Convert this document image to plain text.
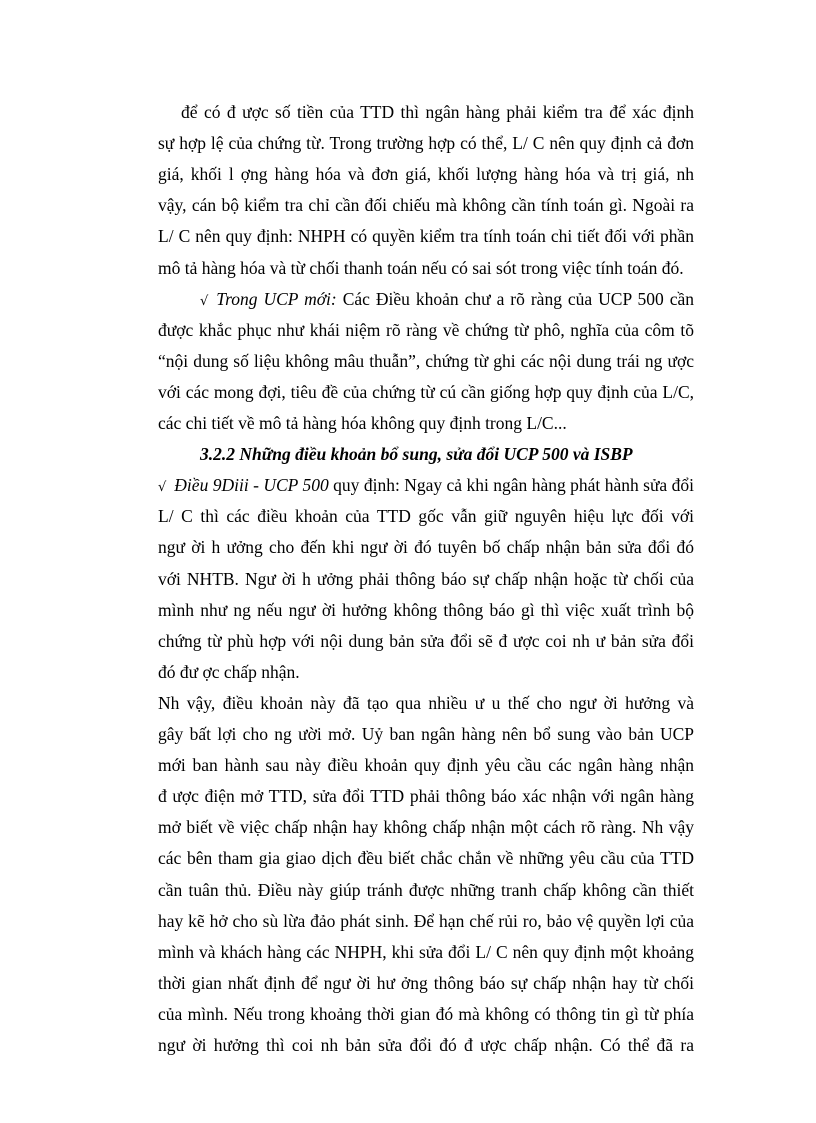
để có đ ược số tiền của TTD thì ngân hàng phải kiểm tra để xác định
sự hợp lệ của chứng từ. Trong trường hợp có thể, L/ C nên quy định cả đơn
giá, khối l ợng hàng hóa và đơn giá, khối lượng hàng hóa và trị giá, nh
vậy, cán bộ kiểm tra chỉ cần đối chiếu mà không cần tính toán gì. Ngoài ra
L/ C nên quy định: NHPH có quyền kiểm tra tính toán chi tiết đối với phần
mô tả hàng hóa và từ chối thanh toán nếu có sai sót trong việc tính toán đó.
√ Trong UCP mới: Các Điều khoản chư a rõ ràng của UCP 500 cần
được khắc phục như khái niệm rõ ràng về chứng từ phô, nghĩa của côm tõ
“nội dung số liệu không mâu thuẫn”, chứng từ ghi các nội dung trái ng ược
với các mong đợi, tiêu đề của chứng từ cú cần giống hợp quy định của L/C,
các chi tiết về mô tả hàng hóa không quy định trong L/C...
3.2.2 Những điều khoản bổ sung, sửa đổi UCP 500 và ISBP
√ Điều 9Diii - UCP 500 quy định: Ngay cả khi ngân hàng phát hành sửa đổi
L/ C thì các điều khoản của TTD gốc vẫn giữ nguyên hiệu lực đối với
ngư ời h ưởng cho đến khi ngư ời đó tuyên bố chấp nhận bản sửa đổi đó
với NHTB. Ngư ời h ưởng phải thông báo sự chấp nhận hoặc từ chối của
mình như ng nếu ngư ời hưởng không thông báo gì thì việc xuất trình bộ
chứng từ phù hợp với nội dung bản sửa đổi sẽ đ ược coi nh ư bản sửa đổi
đó đư ợc chấp nhận.
Nh vậy, điều khoản này đã tạo qua nhiều ư u thế cho ngư ời hưởng và
gây bất lợi cho ng ười mở. Uỷ ban ngân hàng nên bổ sung vào bản UCP
mới ban hành sau này điều khoản quy định yêu cầu các ngân hàng nhận
đ ược điện mở TTD, sửa đổi TTD phải thông báo xác nhận với ngân hàng
mở biết về việc chấp nhận hay không chấp nhận một cách rõ ràng. Nh vậy
các bên tham gia giao dịch đều biết chắc chắn về những yêu cầu của TTD
cần tuân thủ. Điều này giúp tránh được những tranh chấp không cần thiết
hay kẽ hở cho sù lừa đảo phát sinh. Để hạn chế rủi ro, bảo vệ quyền lợi của
mình và khách hàng các NHPH, khi sửa đổi L/ C nên quy định một khoảng
thời gian nhất định để ngư ời hư ởng thông báo sự chấp nhận hay từ chối
của mình. Nếu trong khoảng thời gian đó mà không có thông tin gì từ phía
ngư ời hưởng thì coi nh bản sửa đổi đó đ ược chấp nhận. Có thể đã ra
